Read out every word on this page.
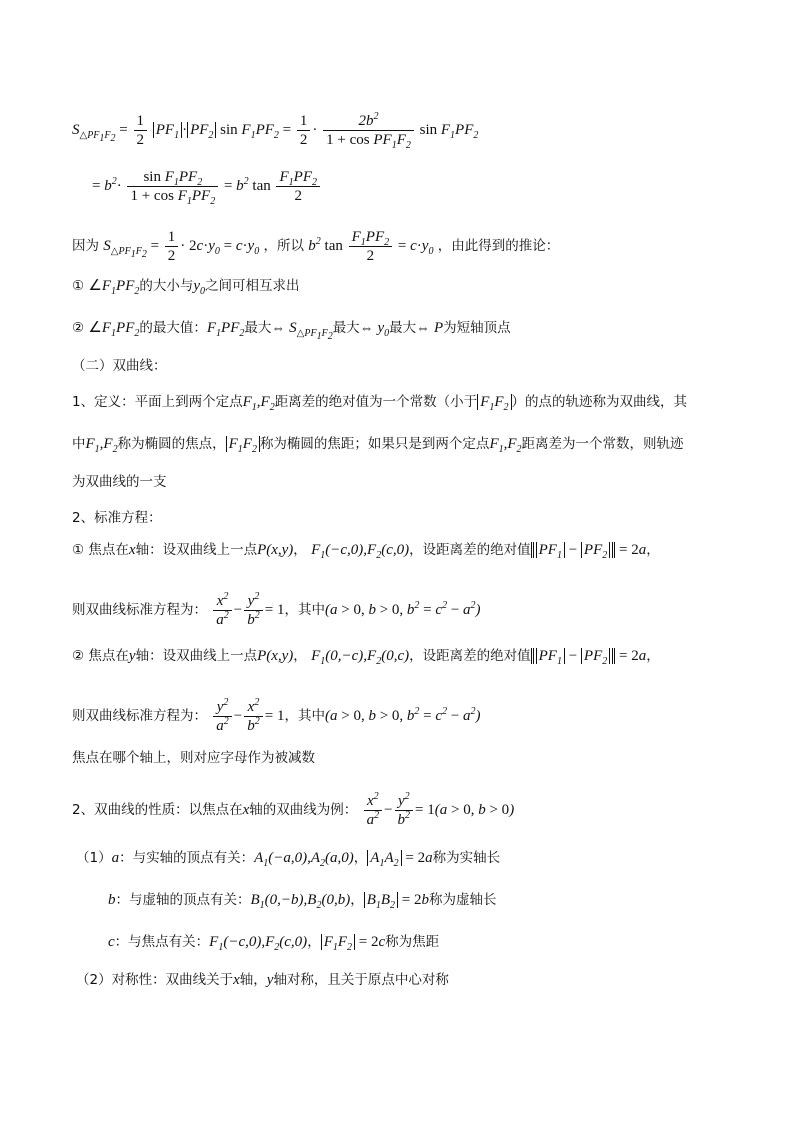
$S_{\triangle PF_1F_2} = \frac{1}{2} PF_1 \cdot PF_2$ $\sin F_1PF_2 = \frac{1}{2} \cdot \frac{2b^2}{1 + \cos PF_1F_2}$ $\sin F_1PF_2$
= $b^2\cdot \frac{\sin F_1PF_2}{1 + \cos F_1PF_2} = b^2$ $\tan \frac{F_1PF_2}{2}$
因为 $S_{\triangle PF_1F_2} = \frac{1}{2} \cdot 2c\cdot y_0 = c\cdot y_0$ ，所以 $b^2$ $\tan \frac{F_1PF_2}{2} = c\cdot y_0$ ，由此得到的推论：
① $\angle F_1PF_2$的大小与$y_0$之间可相互求出
② $\angle F_1PF_2$的最大值：$F_1PF_2$最大⇔ $S_{\triangle PF_1F_2}$最大⇔ $y_0$最大⇔ P为短轴顶点
（二）双曲线：
1、定义：平面上到两个定点$F_1,F_2$距离差的绝对值为一个常数（小于 $F_1F_2$ ）的点的轨迹称为双曲线，其
中$F_1,F_2$称为椭圆的焦点， $F_1F_2$ 称为椭圆的焦距；如果只是到两个定点$F_1,F_2$距离差为一个常数，则轨迹
为双曲线的一支
2、标准方程：
① 焦点在x轴：设双曲线上一点P(x,y)， $F_1(-c,0),F_2(c,0)$，设距离差的绝对值 $PF_1 - PF_2 = 2a$，
则双曲线标准方程为： $\frac{x^2}{a^2} - \frac{y^2}{b^2} = 1$，其中(a > 0, b > 0, $b^2 = c^2 - a^2$)
② 焦点在y轴：设双曲线上一点P(x,y)， $F_1(0,-c),F_2(0,c)$，设距离差的绝对值 $PF_1 - PF_2 = 2a$，
则双曲线标准方程为： $\frac{y^2}{a^2} - \frac{x^2}{b^2} = 1$，其中(a > 0, b > 0, $b^2 = c^2 - a^2$)
焦点在哪个轴上，则对应字母作为被减数
2、双曲线的性质：以焦点在x轴的双曲线为例： $\frac{x^2}{a^2} - \frac{y^2}{b^2} = 1(a > 0$, b > 0)
（1）a：与实轴的顶点有关：$A_1(-a,0),A_2(a,0)$， $A_1A_2 = 2a$称为实轴长
b：与虚轴的顶点有关：$B_1(0,-b),B_2(0,b)$， $B_1B_2 = 2b$称为虚轴长
c：与焦点有关：$F_1(-c,0),F_2(c,0)$， $F_1F_2 = 2c$称为焦距
（2）对称性：双曲线关于x轴，y轴对称，且关于原点中心对称
